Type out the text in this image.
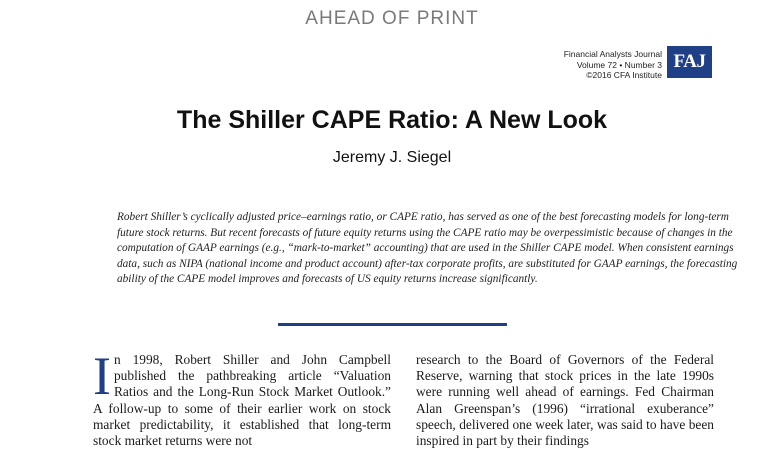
AHEAD OF PRINT
Financial Analysts Journal
Volume 72 • Number 3
©2016 CFA Institute
FAJ
The Shiller CAPE Ratio: A New Look
Jeremy J. Siegel

Robert Shiller’s cyclically adjusted price–earnings ratio, or CAPE ratio, has served as one of the best forecasting models for long-term future stock returns. But recent forecasts of future equity returns using the CAPE ratio may be overpessimistic because of changes in the computation of GAAP earnings (e.g., “mark-to-market” accounting) that are used in the Shiller CAPE model. When consistent earnings data, such as NIPA (national income and product account) after-tax corporate profits, are substituted for GAAP earnings, the forecasting ability of the CAPE model improves and forecasts of US equity returns increase significantly.

In 1998, Robert Shiller and John Campbell published the pathbreaking article “Valuation Ratios and the Long-Run Stock Market Outlook.” A follow-up to some of their earlier work on stock market predictability, it established that long-term stock market returns were not

research to the Board of Governors of the Federal Reserve, warning that stock prices in the late 1990s were running well ahead of earnings. Fed Chairman Alan Greenspan’s (1996) “irrational exuberance” speech, delivered one week later, was said to have been inspired in part by their findings
